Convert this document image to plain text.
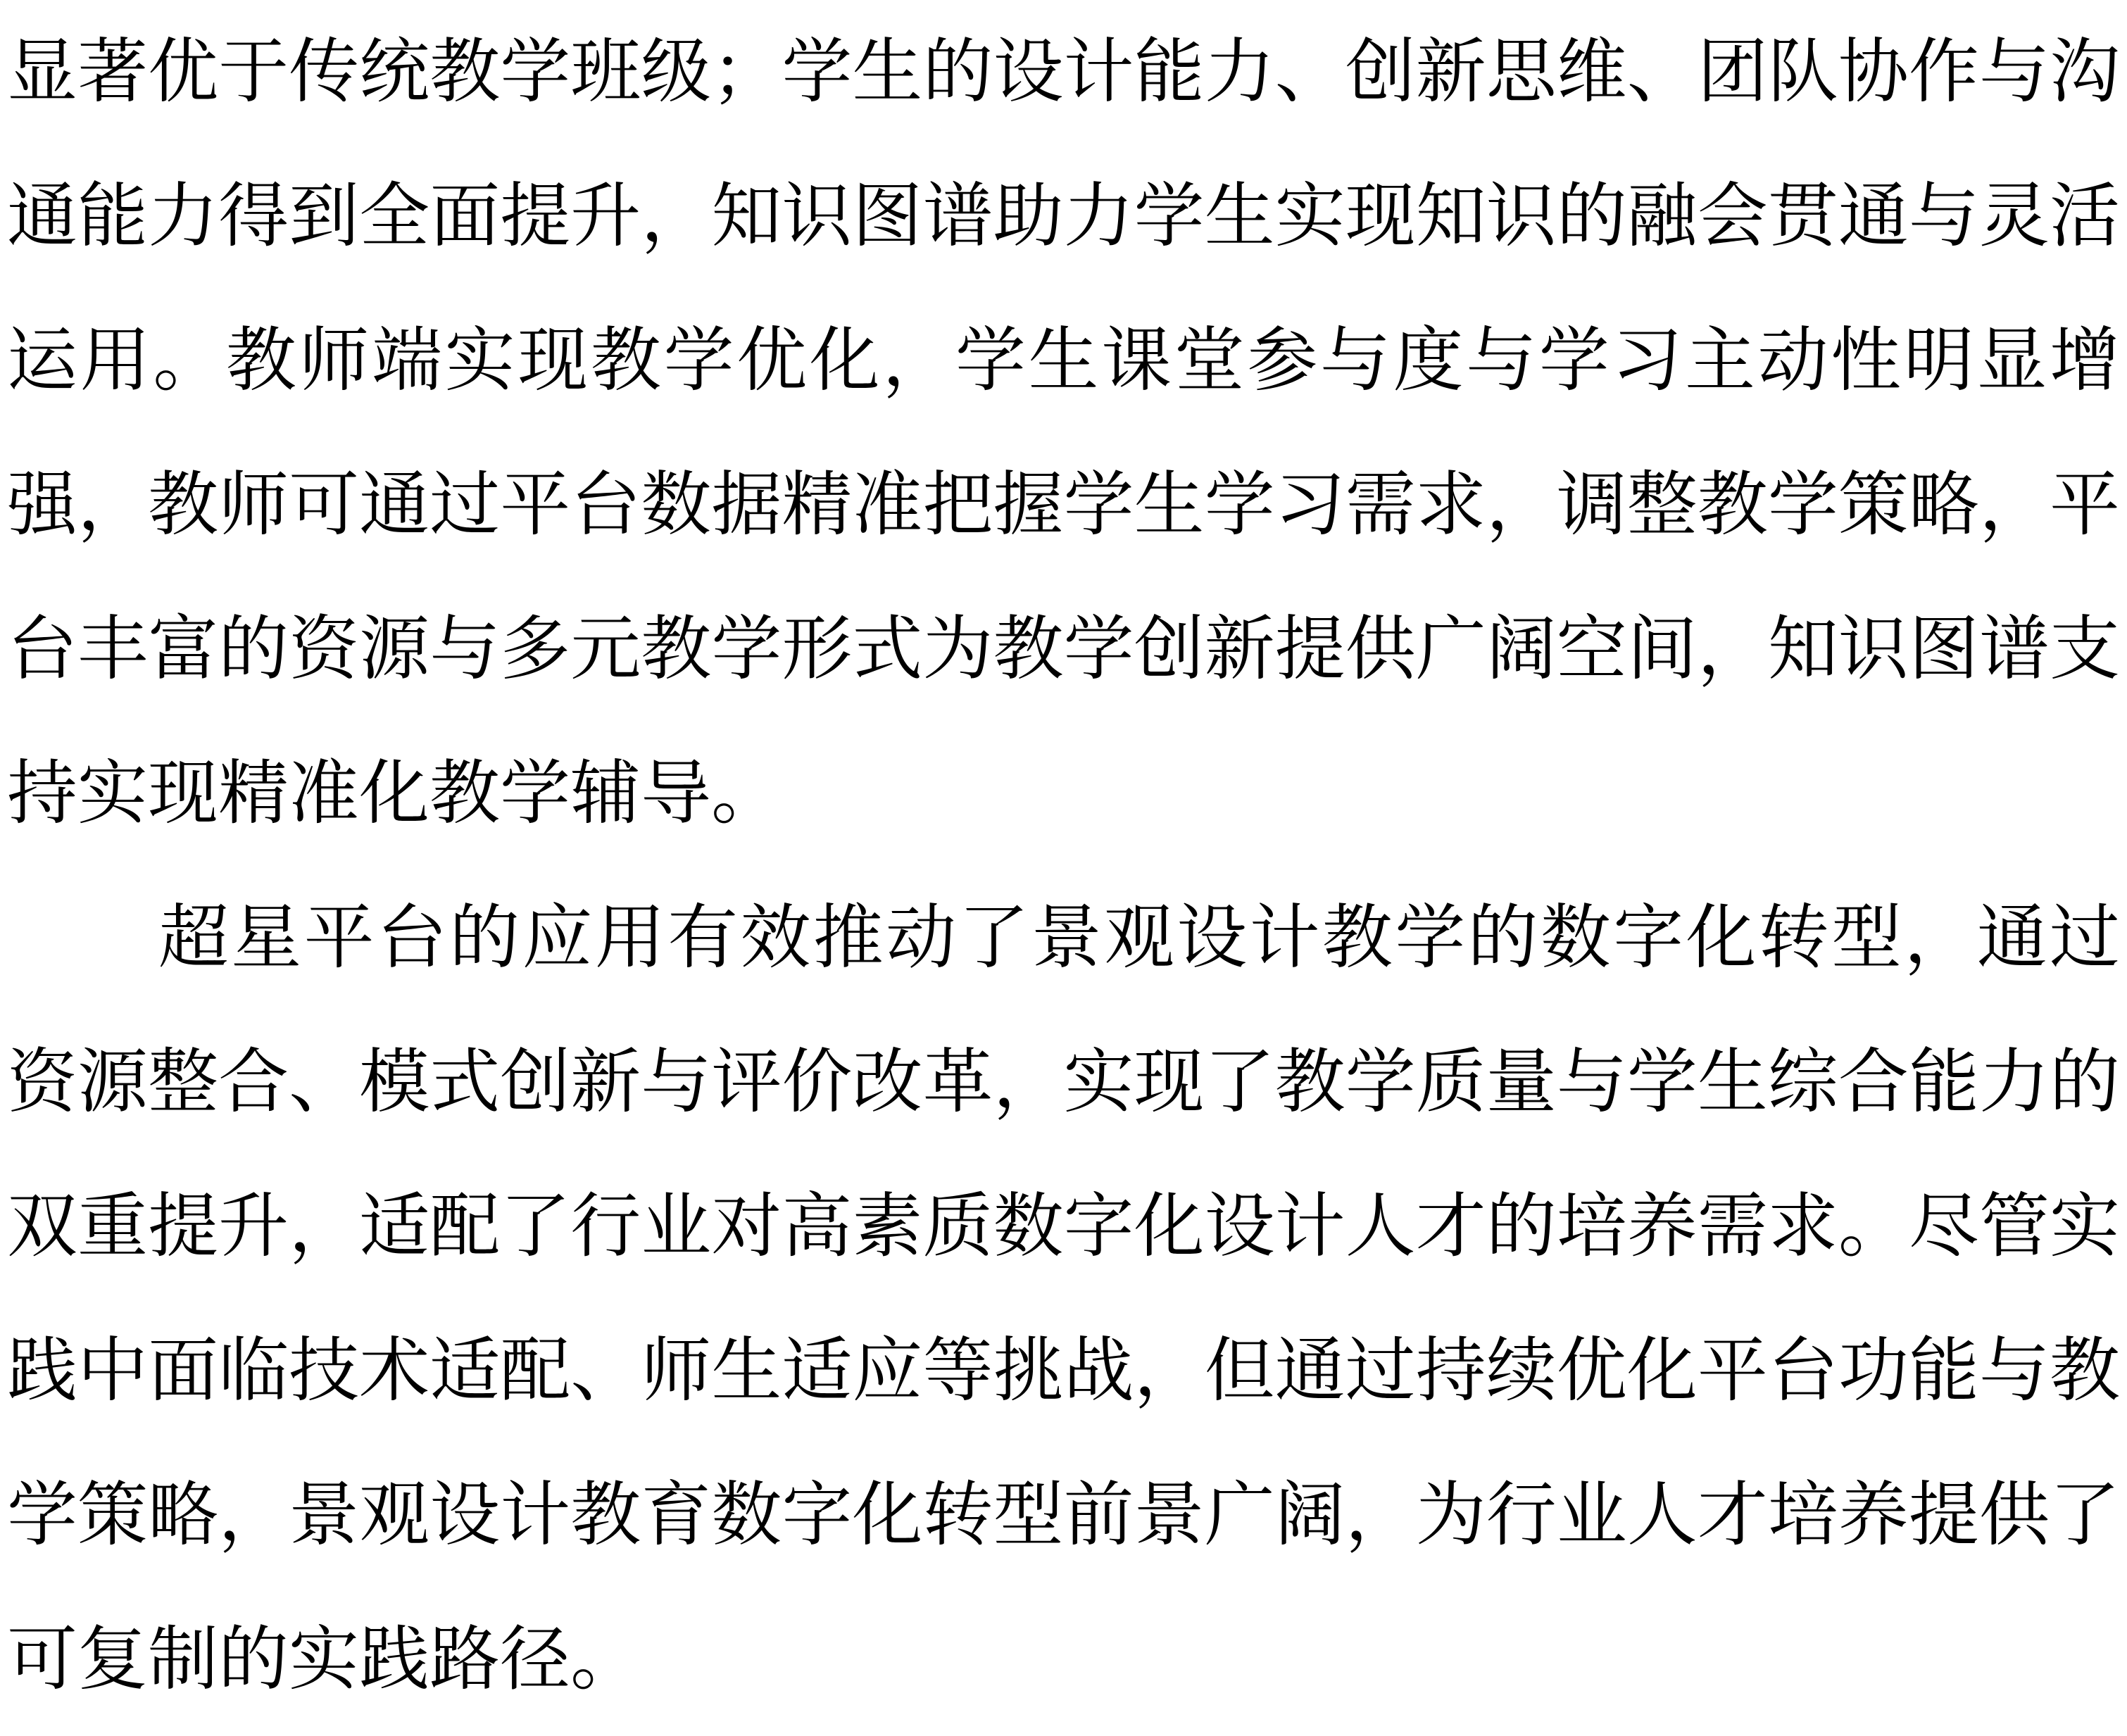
显著优于传统教学班级；学生的设计能力、创新思维、团队协作与沟通能力得到全面提升，知识图谱助力学生实现知识的融会贯通与灵活运用。教师端实现教学优化，学生课堂参与度与学习主动性明显增强，教师可通过平台数据精准把握学生学习需求，调整教学策略，平台丰富的资源与多元教学形式为教学创新提供广阔空间，知识图谱支持实现精准化教学辅导。

超星平台的应用有效推动了景观设计教学的数字化转型，通过资源整合、模式创新与评价改革，实现了教学质量与学生综合能力的双重提升，适配了行业对高素质数字化设计人才的培养需求。尽管实践中面临技术适配、师生适应等挑战，但通过持续优化平台功能与教学策略，景观设计教育数字化转型前景广阔，为行业人才培养提供了可复制的实践路径。
